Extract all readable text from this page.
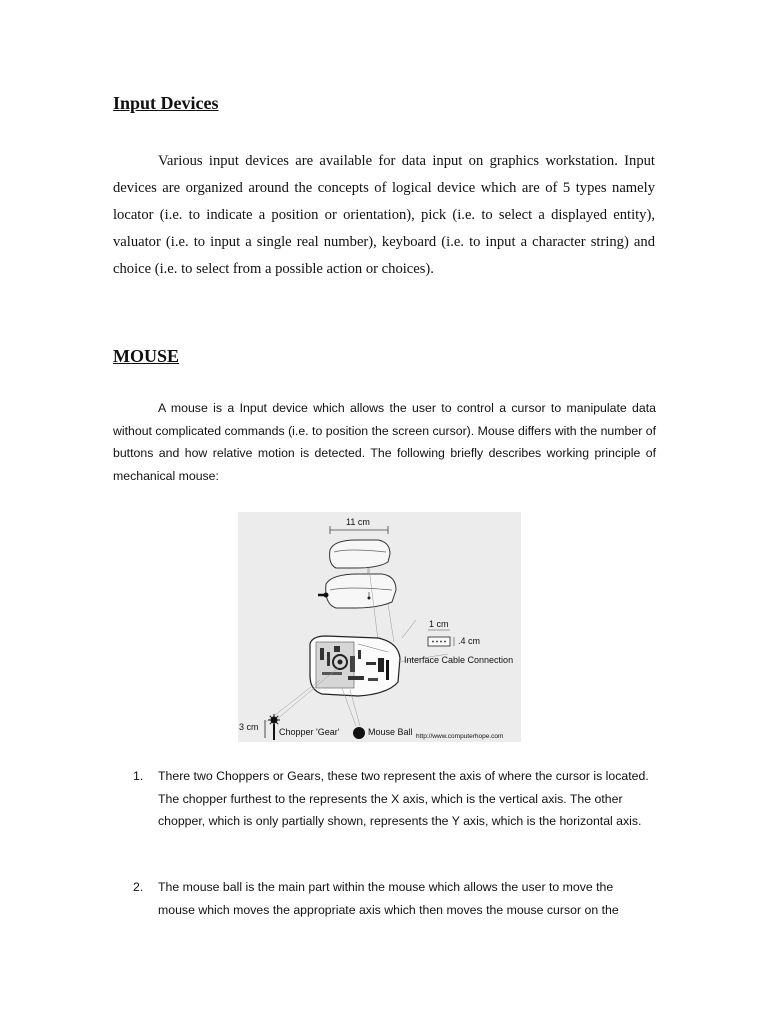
Input Devices

Various input devices are available for data input on graphics workstation. Input devices are organized around the concepts of logical device which are of 5 types namely locator (i.e. to indicate a position or orientation), pick (i.e. to select a displayed entity), valuator (i.e. to input a single real number), keyboard (i.e. to input a character string) and choice (i.e. to select from a possible action or choices).

MOUSE

A mouse is a Input device which allows the user to control a cursor to manipulate data without complicated commands (i.e. to position the screen cursor). Mouse differs with the number of buttons and how relative motion is detected. The following briefly describes working principle of mechanical mouse:

11 cm
1 cm
.4 cm
Interface Cable Connection
3 cm Chopper 'Gear'	Mouse Ball http://www.computerhope.com
1. There two Choppers or Gears, these two represent the axis of where the cursor is located. The chopper furthest to the represents the X axis, which is the vertical axis. The other chopper, which is only partially shown, represents the Y axis, which is the horizontal axis.
2. The mouse ball is the main part within the mouse which allows the user to move the mouse which moves the appropriate axis which then moves the mouse cursor on the
